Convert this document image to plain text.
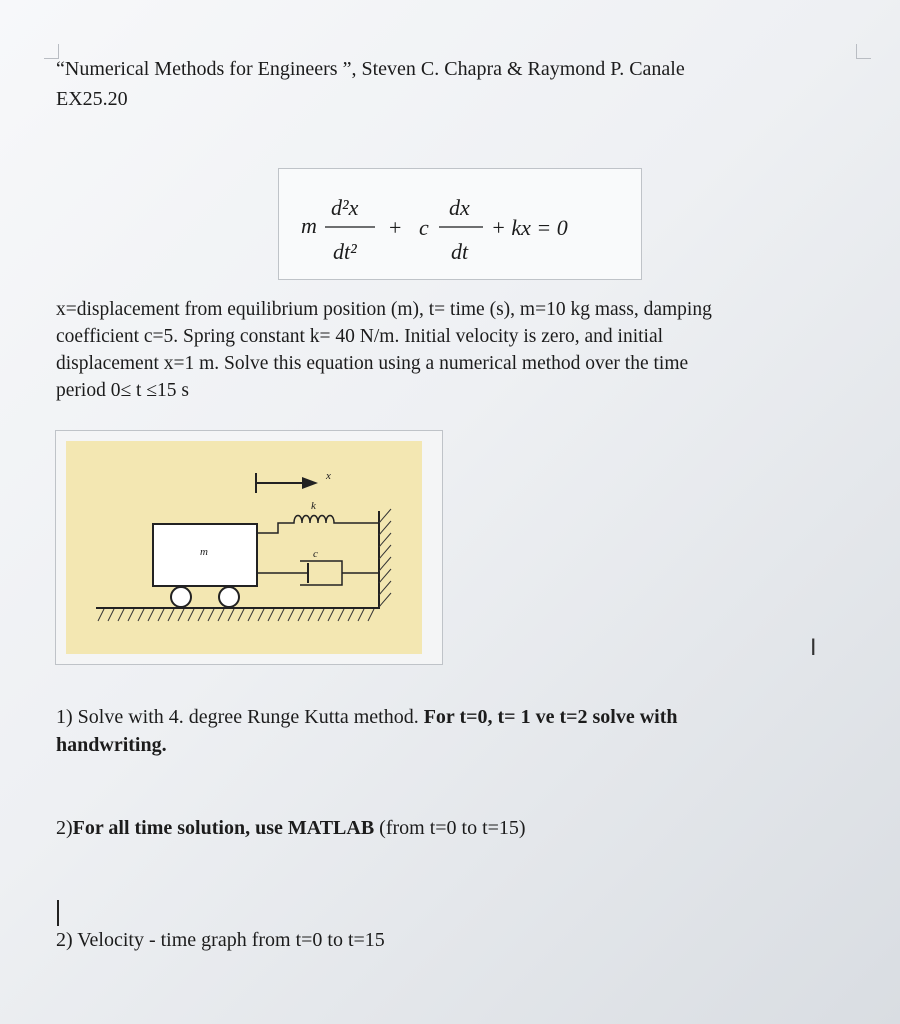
“Numerical Methods for Engineers ”, Steven C. Chapra & Raymond P. Canale
EX25.20
m
d²x
dt²
+ c
dx
dt
+ kx = 0
x=displacement from equilibrium position (m), t= time (s), m=10 kg mass, damping
coefficient c=5. Spring constant k= 40 N/m. Initial velocity is zero, and initial
displacement x=1 m. Solve this equation using a numerical method over the time
period 0≤ t ≤15 s
m
k
c
x
I
1) Solve with 4. degree Runge Kutta method. For t=0, t= 1 ve t=2 solve with
handwriting.
2)For all time solution, use MATLAB (from t=0 to t=15)
2) Velocity - time graph from t=0 to t=15
